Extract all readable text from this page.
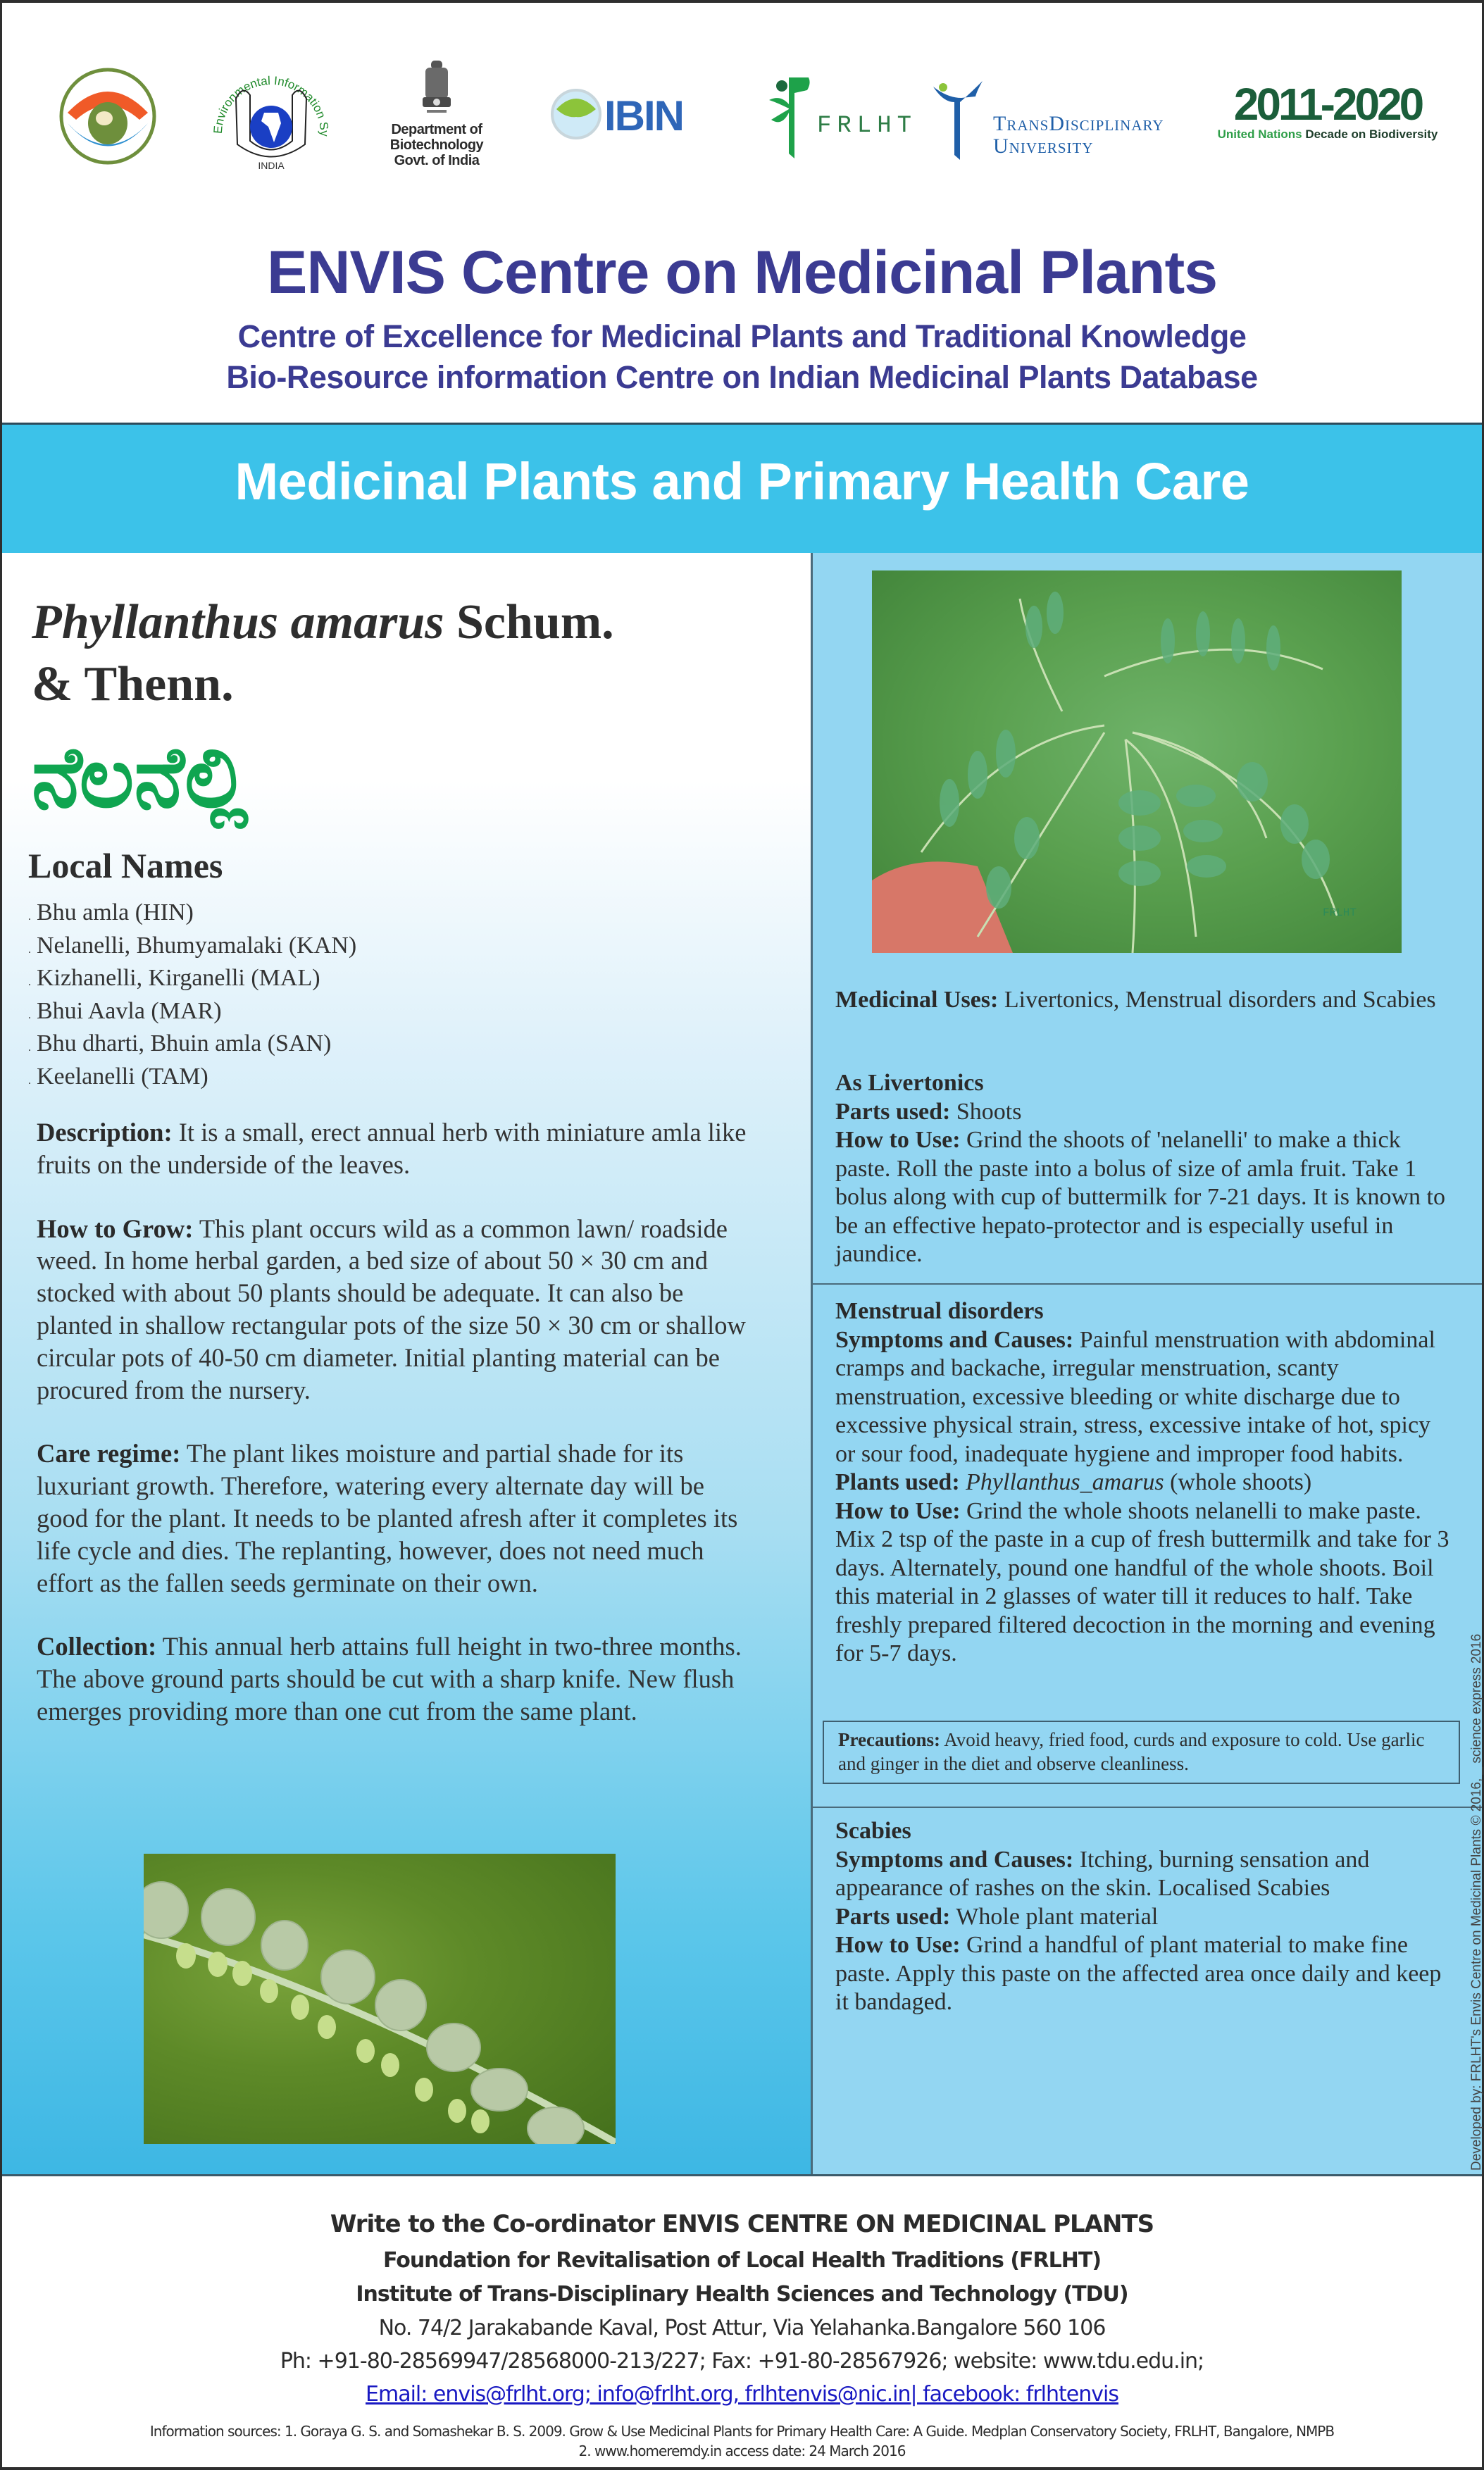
Environmental Information Sy
INDIA
Department of Biotechnology
Govt. of India
IBIN	FRLHT	TransDisciplinary
University
2011-2020
United Nations Decade on Biodiversity
ENVIS Centre on Medicinal Plants
Centre of Excellence for Medicinal Plants and Traditional Knowledge
Bio-Resource information Centre on Indian Medicinal Plants Database
Medicinal Plants and Primary Health Care
Phyllanthus amarus Schum.
& Thenn.
ನೆಲನೆಲ್ಲಿ
Local Names
. Bhu amla (HIN)
. Nelanelli, Bhumyamalaki (KAN)
. Kizhanelli, Kirganelli (MAL)
. Bhui Aavla (MAR)
. Bhu dharti, Bhuin amla (SAN)
. Keelanelli (TAM)

Description: It is a small, erect annual herb with miniature amla like fruits on the underside of the leaves.

How to Grow: This plant occurs wild as a common lawn/ roadside weed. In home herbal garden, a bed size of about 50 × 30 cm and stocked with about 50 plants should be adequate. It can also be planted in shallow rectangular pots of the size 50 × 30 cm or shallow circular pots of 40-50 cm diameter. Initial planting material can be procured from the nursery.

Care regime: The plant likes moisture and partial shade for its luxuriant growth. Therefore, watering every alternate day will be good for the plant. It needs to be planted afresh after it completes its life cycle and dies. The replanting, however, does not need much effort as the fallen seeds germinate on their own.

Collection: This annual herb attains full height in two-three months. The above ground parts should be cut with a sharp knife. New flush emerges providing more than one cut from the same plant.

FRLHT
Medicinal Uses: Livertonics, Menstrual disorders and Scabies
As Livertonics
Parts used: Shoots
How to Use: Grind the shoots of 'nelanelli' to make a thick paste. Roll the paste into a bolus of size of amla fruit. Take 1 bolus along with cup of buttermilk for 7-21 days. It is known to be an effective hepato-protector and is especially useful in jaundice.
Menstrual disorders
Symptoms and Causes: Painful menstruation with abdominal cramps and backache, irregular menstruation, scanty menstruation, excessive bleeding or white discharge due to excessive physical strain, stress, excessive intake of hot, spicy or sour food, inadequate hygiene and improper food habits.
Plants used: Phyllanthus_amarus (whole shoots)
How to Use: Grind the whole shoots nelanelli to make paste. Mix 2 tsp of the paste in a cup of fresh buttermilk and take for 3 days. Alternately, pound one handful of the whole shoots. Boil this material in 2 glasses of water till it reduces to half. Take freshly prepared filtered decoction in the morning and evening for 5-7 days.
Precautions: Avoid heavy, fried food, curds and exposure to cold. Use garlic and ginger in the diet and observe cleanliness.
Scabies
Symptoms and Causes: Itching, burning sensation and appearance of rashes on the skin. Localised Scabies
Parts used: Whole plant material
How to Use: Grind a handful of plant material to make fine paste. Apply this paste on the affected area once daily and keep it bandaged.	Developed by: FRLHT's Envis Centre on Medicinal Plants © 2016, _ science express 2016
Write to the Co-ordinator ENVIS CENTRE ON MEDICINAL PLANTS
Foundation for Revitalisation of Local Health Traditions (FRLHT)
Institute of Trans-Disciplinary Health Sciences and Technology (TDU)
No. 74/2 Jarakabande Kaval, Post Attur, Via Yelahanka.Bangalore 560 106
Ph: +91-80-28569947/28568000-213/227; Fax: +91-80-28567926; website: www.tdu.edu.in;
Email: envis@frlht.org; info@frlht.org, frlhtenvis@nic.in| facebook: frlhtenvis
Information sources: 1. Goraya G. S. and Somashekar B. S. 2009. Grow & Use Medicinal Plants for Primary Health Care: A Guide. Medplan Conservatory Society, FRLHT, Bangalore, NMPB
2. www.homeremdy.in access date: 24 March 2016
